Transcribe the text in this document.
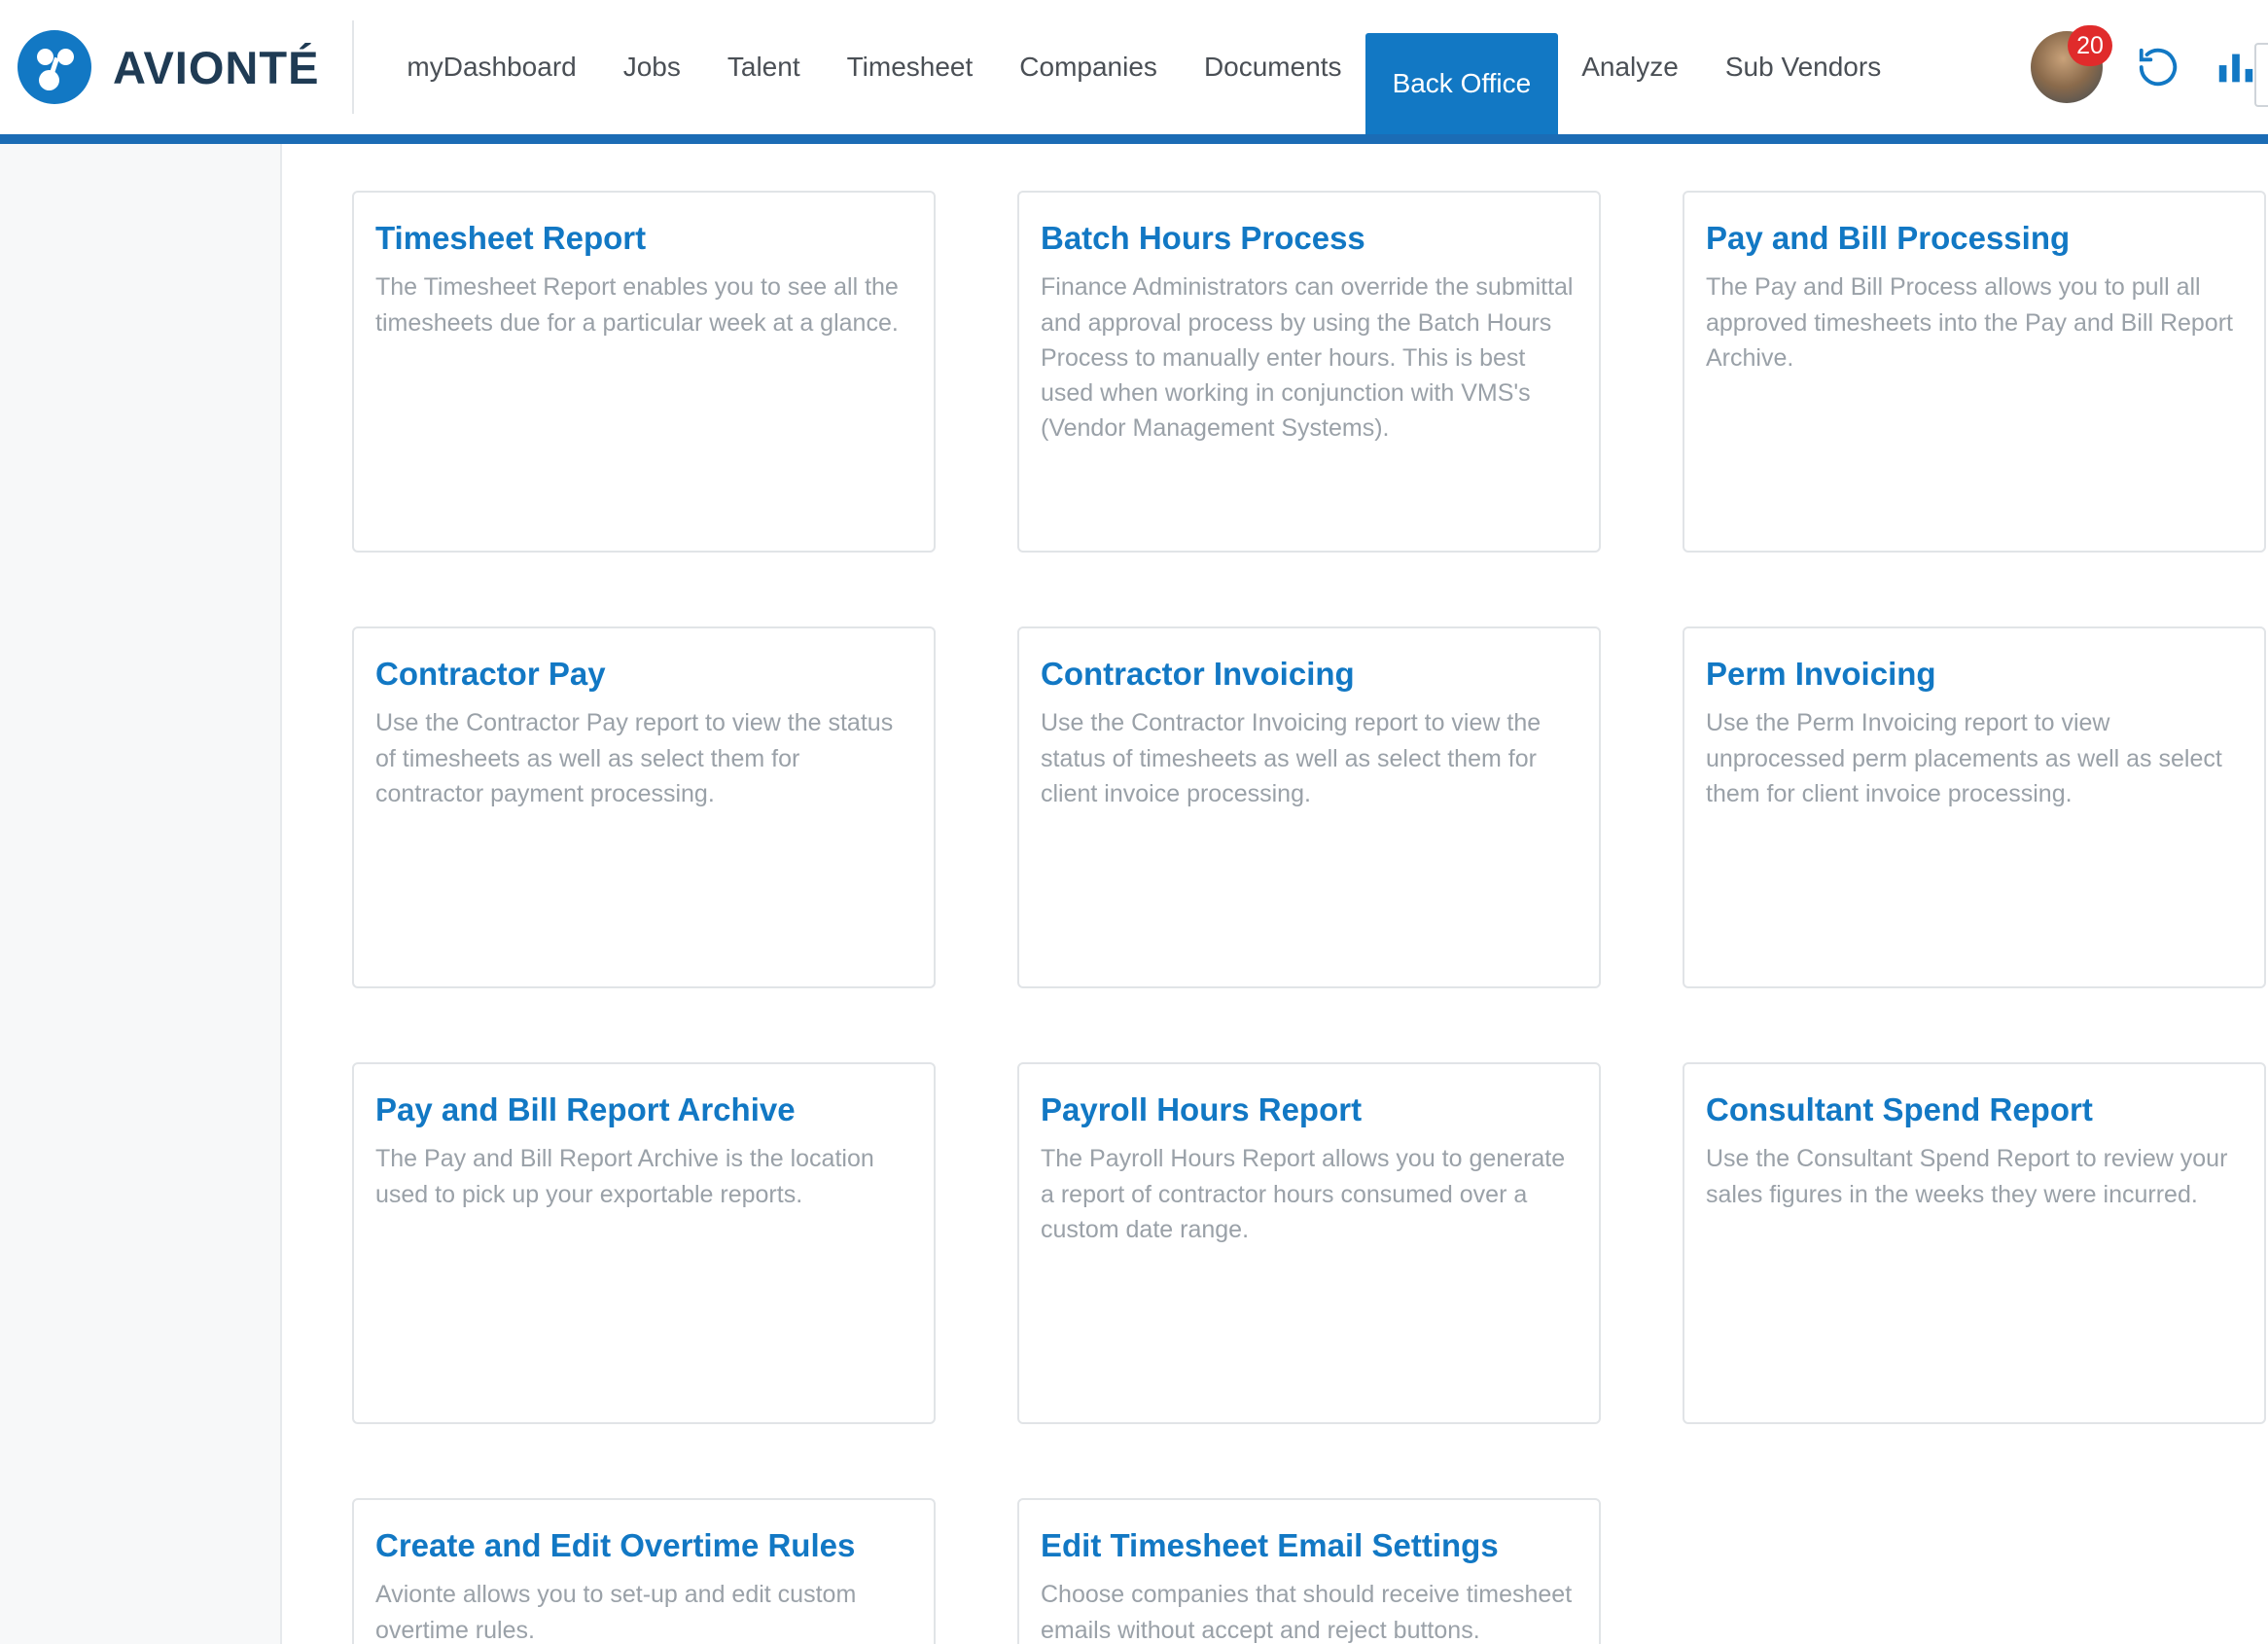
AVIONTÉ	myDashboard	Jobs	Talent	Timesheet	Companies	Documents
Back Office
Analyze	Sub Vendors
20
Timesheet Report
The Timesheet Report enables you to see all the timesheets due for a particular week at a glance.
Batch Hours Process
Finance Administrators can override the submittal and approval process by using the Batch Hours Process to manually enter hours. This is best used when working in conjunction with VMS's (Vendor Management Systems).
Pay and Bill Processing
The Pay and Bill Process allows you to pull all approved timesheets into the Pay and Bill Report Archive.
Contractor Pay
Use the Contractor Pay report to view the status of timesheets as well as select them for contractor payment processing.
Contractor Invoicing
Use the Contractor Invoicing report to view the status of timesheets as well as select them for client invoice processing.
Perm Invoicing
Use the Perm Invoicing report to view unprocessed perm placements as well as select them for client invoice processing.
Pay and Bill Report Archive
The Pay and Bill Report Archive is the location used to pick up your exportable reports.
Payroll Hours Report
The Payroll Hours Report allows you to generate a report of contractor hours consumed over a custom date range.
Consultant Spend Report
Use the Consultant Spend Report to review your sales figures in the weeks they were incurred.
Create and Edit Overtime Rules
Avionte allows you to set-up and edit custom overtime rules.
Edit Timesheet Email Settings
Choose companies that should receive timesheet emails without accept and reject buttons.
